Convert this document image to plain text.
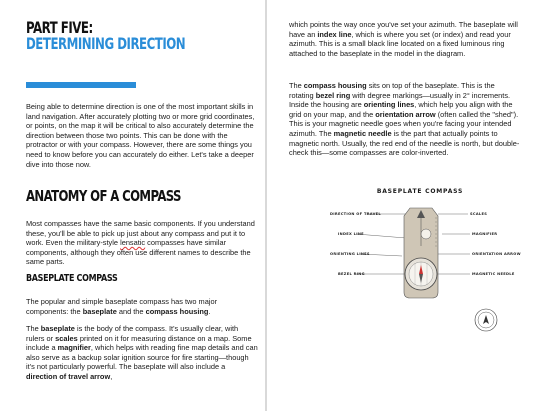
PART FIVE:
DETERMINING DIRECTION

Being able to determine direction is one of the most important skills in land navigation. After accurately plotting two or more grid coordinates, or points, on the map it will be critical to also accurately determine the direction between those two points. This can be done with the protractor or with your compass. However, there are some things you need to know before you can accurately do either. Let's take a deeper dive into those now.

ANATOMY OF A COMPASS

Most compasses have the same basic components. If you understand these, you'll be able to pick up just about any compass and put it to work. Even the military-style lensatic compasses have similar components, although they often use different names to describe the same parts.

BASEPLATE COMPASS

The popular and simple baseplate compass has two major components: the baseplate and the compass housing.

The baseplate is the body of the compass. It's usually clear, with rulers or scales printed on it for measuring distance on a map. Some include a magnifier, which helps with reading fine map details and can also serve as a backup solar ignition source for fire starting—though it's not particularly powerful. The baseplate will also include a direction of travel arrow,

which points the way once you've set your azimuth. The baseplate will have an index line, which is where you set (or index) and read your azimuth. This is a small black line located on a fixed luminous ring attached to the baseplate in the model in the diagram.

The compass housing sits on top of the baseplate. This is the rotating bezel ring with degree markings—usually in 2° increments. Inside the housing are orienting lines, which help you align with the grid on your map, and the orientation arrow (often called the "shed"). This is your magnetic needle goes when you're facing your intended azimuth. The magnetic needle is the part that actually points to magnetic north. Usually, the red end of the needle is north, but double-check this—some compasses are color-inverted.

BASEPLATE COMPASS
DIRECTION OF TRAVEL
INDEX LINE
ORIENTING LINES
BEZEL RING
SCALES
MAGNIFIER
ORIENTATION ARROW
MAGNETIC NEEDLE
